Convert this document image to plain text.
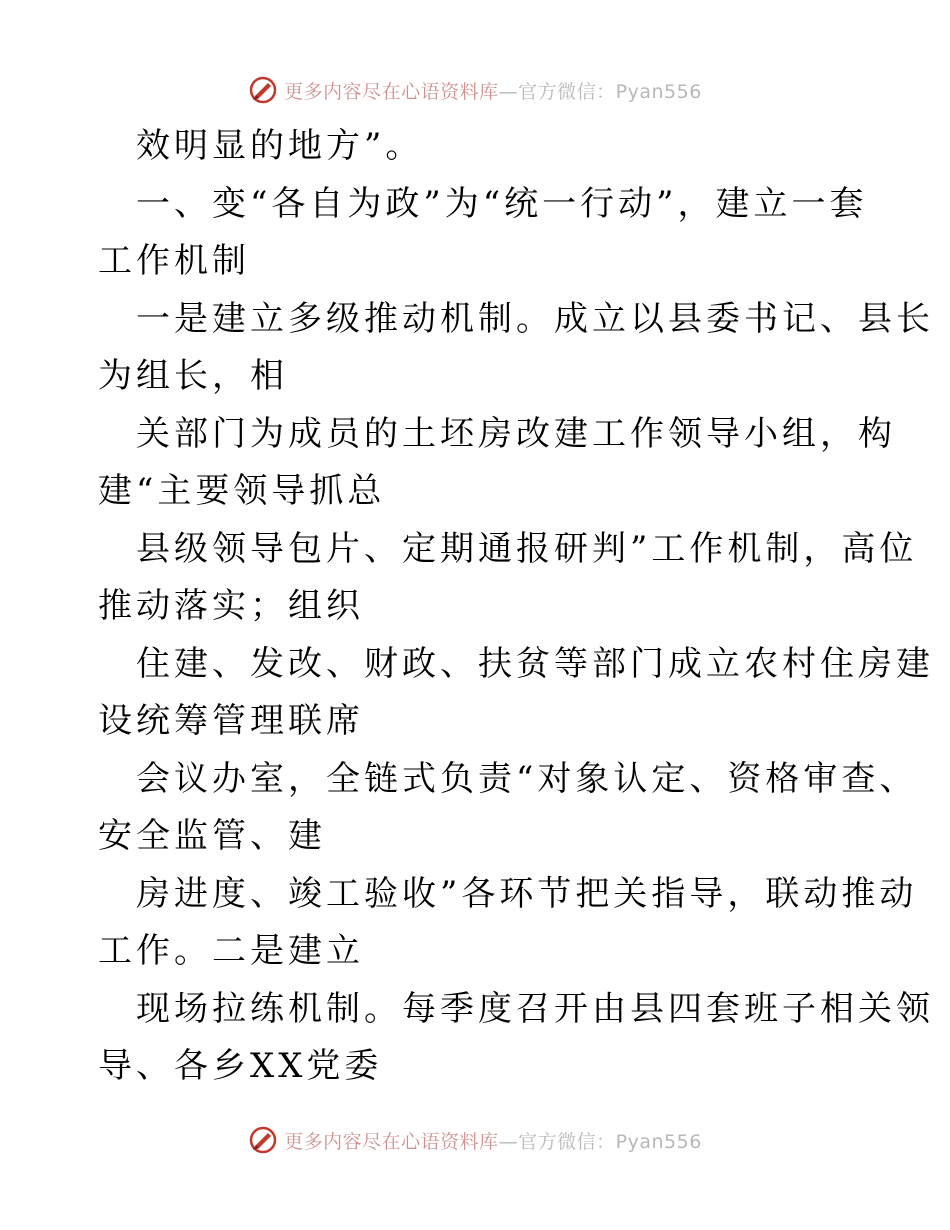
更多内容尽在心语资料库—官方微信：Pyan556
效明显的地方”。
一、变“各自为政”为“统一行动”，建立一套
工作机制
一是建立多级推动机制。成立以县委书记、县长
为组长，相
关部门为成员的土坯房改建工作领导小组，构
建“主要领导抓总
县级领导包片、定期通报研判”工作机制，高位
推动落实；组织
住建、发改、财政、扶贫等部门成立农村住房建
设统筹管理联席
会议办室，全链式负责“对象认定、资格审查、
安全监管、建
房进度、竣工验收”各环节把关指导，联动推动
工作。二是建立
现场拉练机制。每季度召开由县四套班子相关领
导、各乡XX党委
更多内容尽在心语资料库—官方微信：Pyan556
